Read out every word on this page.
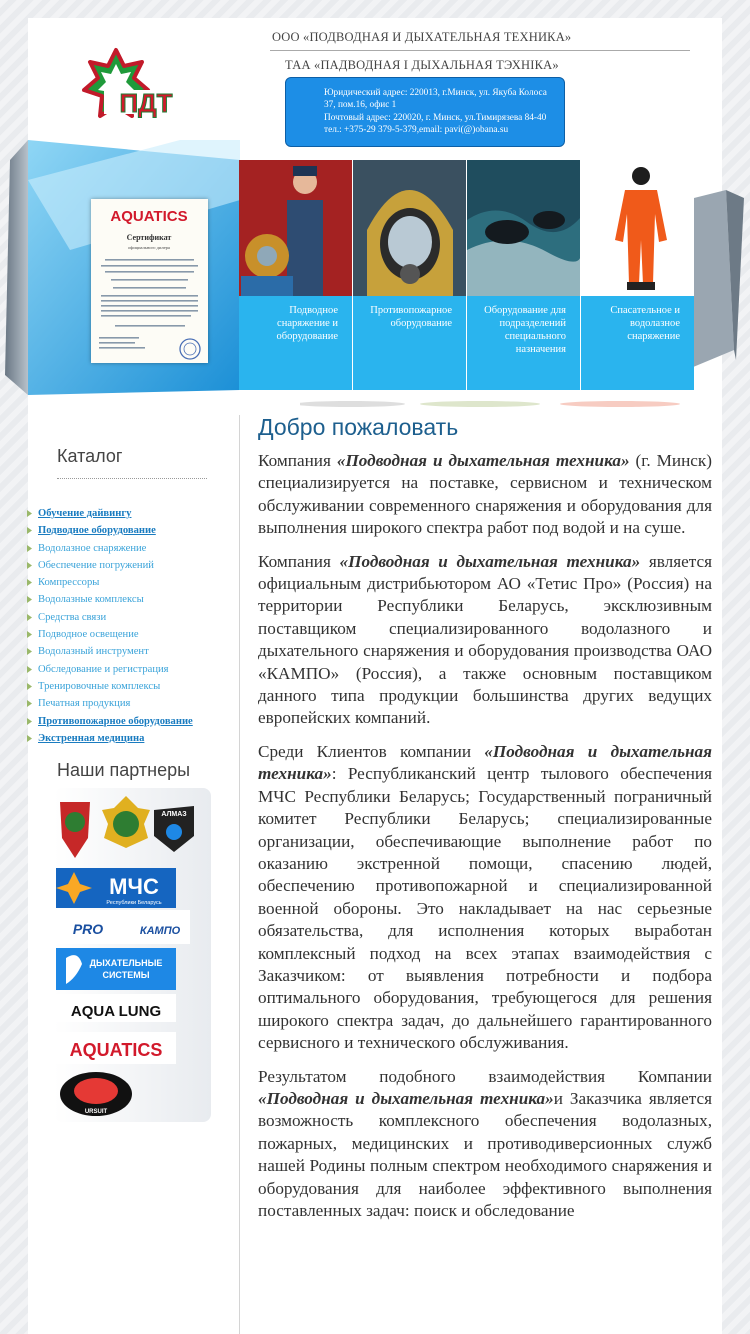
ООО «ПОДВОДНАЯ И ДЫХАТЕЛЬНАЯ ТЕХНИКА»
ТАА «ПАДВОДНАЯ І ДЫХАЛЬНАЯ ТЭХНІКА»
ПДТ	Юридический адрес: 220013, г.Минск, ул. Якуба Колоса
37, пом.16, офис 1
Почтовый адрес: 220020, г. Минск, ул.Тимирязева 84-40
тел.: +375-29 379-5-379,email: pavi(@)obana.su
AQUATICS
Сертификат
официального дилера
Подводное снаряжение и оборудование
Противопожарное оборудование
Оборудование для подразделений специального назначения
Спасательное и водолазное снаряжение
Каталог
Обучение дайвингу
Подводное оборудование
Водолазное снаряжение
Обеспечение погружений
Компрессоры
Водолазные комплексы
Средства связи
Подводное освещение
Водолазный инструмент
Обследование и регистрация
Тренировочные комплексы
Печатная продукция
Противопожарное оборудование
Экстренная медицина
Наши партнеры
АЛМАЗ
МЧС
Республики Беларусь
PRO	КАМПО
ДЫХАТЕЛЬНЫЕ
СИСТЕМЫ
AQUA LUNG
AQUATICS
URSUIT
Добро пожаловать

Компания «Подводная и дыхательная техника» (г. Минск) специализируется на поставке, сервисном и техническом обслуживании современного снаряжения и оборудования для выполнения широкого спектра работ под водой и на суше.

Компания «Подводная и дыхательная техника» является официальным дистрибьютором АО «Тетис Про» (Россия) на территории Республики Беларусь, эксклюзивным поставщиком специализированного водолазного и дыхательного снаряжения и оборудования производства ОАО «КАМПО» (Россия), а также основным поставщиком данного типа продукции большинства других ведущих европейских компаний.

Среди Клиентов компании «Подводная и дыхательная техника»: Республиканский центр тылового обеспечения МЧС Республики Беларусь; Государственный пограничный комитет Республики Беларусь; специализированные организации, обеспечивающие выполнение работ по оказанию экстренной помощи, спасению людей, обеспечению противопожарной и специализированной военной обороны. Это накладывает на нас серьезные обязательства, для исполнения которых выработан комплексный подход на всех этапах взаимодействия с Заказчиком: от выявления потребности и подбора оптимального оборудования, требующегося для решения широкого спектра задач, до дальнейшего гарантированного сервисного и технического обслуживания.

Результатом подобного взаимодействия Компании «Подводная и дыхательная техника»и Заказчика является возможность комплексного обеспечения водолазных, пожарных, медицинских и противодиверсионных служб нашей Родины полным спектром необходимого снаряжения и оборудования для наиболее эффективного выполнения поставленных задач: поиск и обследование
